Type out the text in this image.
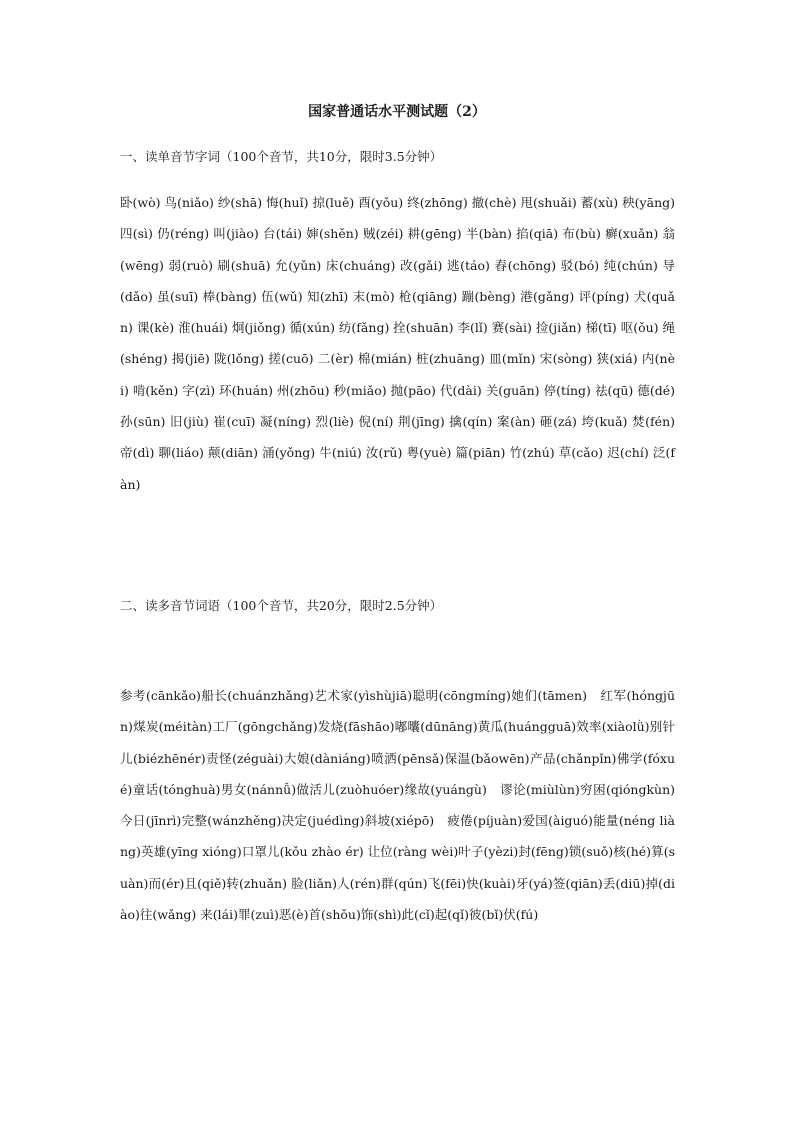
国家普通话水平测试题（2）
一、读单音节字词（100个音节，共10分，限时3.5分钟）
卧(wò) 鸟(niǎo) 纱(shā) 悔(huǐ) 掠(luě) 酉(yǒu) 终(zhōng) 撤(chè) 甩(shuǎi) 蓄(xù) 秧(yāng) 四(sì) 仍(réng) 叫(jiào) 台(tái) 婶(shěn) 贼(zéi) 耕(gēng) 半(bàn) 掐(qiā) 布(bù) 癣(xuǎn) 翁(wēng) 弱(ruò) 刷(shuā) 允(yǔn) 床(chuáng) 改(gǎi) 逃(táo) 舂(chōng) 驳(bó) 纯(chún) 导(dǎo) 虽(suī) 棒(bàng) 伍(wǔ) 知(zhī) 末(mò) 枪(qiāng) 蹦(bèng) 港(gǎng) 评(píng) 犬(quǎn) 课(kè) 淮(huái) 炯(jiǒng) 循(xún) 纺(fǎng) 拴(shuān) 李(lǐ) 赛(sài) 捡(jiǎn) 梯(tī) 呕(ǒu) 绳(shéng) 揭(jiē) 陇(lǒng) 搓(cuō) 二(èr) 棉(mián) 桩(zhuāng) 皿(mǐn) 宋(sòng) 狭(xiá) 内(nèi) 啃(kěn) 字(zì) 环(huán) 州(zhōu) 秒(miǎo) 抛(pāo) 代(dài) 关(guān) 停(tíng) 祛(qū) 德(dé) 孙(sūn) 旧(jiù) 崔(cuī) 凝(níng) 烈(liè) 倪(ní) 荆(jīng) 擒(qín) 案(àn) 砸(zá) 垮(kuǎ) 焚(fén) 帝(dì) 聊(liáo) 颠(diān) 涌(yǒng) 牛(niú) 汝(rǔ) 粤(yuè) 篇(piān) 竹(zhú) 草(cǎo) 迟(chí) 泛(fàn)
二、读多音节词语（100个音节，共20分，限时2.5分钟）
参考(cānkǎo)船长(chuánzhǎng)艺术家(yìshùjiā)聪明(cōngmíng)她们(tāmen)　红军(hóngjūn)煤炭(méitàn)工厂(gōngchǎng)发烧(fāshāo)嘟囔(dūnāng)黄瓜(huángguā)效率(xiàolǜ)别针儿(biézhēnér)责怪(zéguài)大娘(dàniáng)喷洒(pēnsǎ)保温(bǎowēn)产品(chǎnpǐn)佛学(fóxué)童话(tónghuà)男女(nánnǚ)做活儿(zuòhuóer)缘故(yuángù)　谬论(miùlùn)穷困(qióngkùn)今日(jīnrì)完整(wánzhěng)决定(juédìng)斜坡(xiépō)　疲倦(píjuàn)爱国(àiguó)能量(néng liàng)英雄(yīng xióng)口罩儿(kǒu zhào ér) 让位(ràng wèi)叶子(yèzi)封(fēng)锁(suǒ)核(hé)算(suàn)而(ér)且(qiě)转(zhuǎn) 脸(liǎn)人(rén)群(qún)飞(fēi)快(kuài)牙(yá)签(qiān)丢(diū)掉(diào)往(wǎng) 来(lái)罪(zuì)恶(è)首(shǒu)饰(shì)此(cǐ)起(qǐ)彼(bǐ)伏(fú)
